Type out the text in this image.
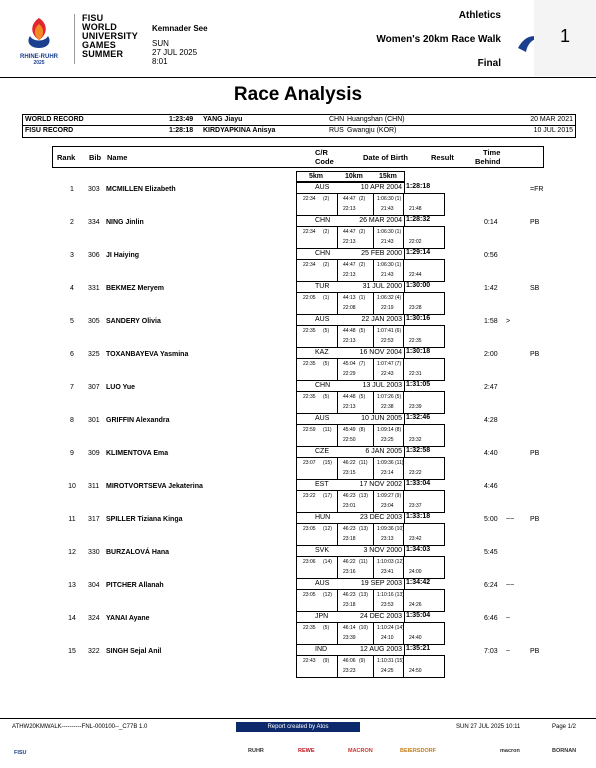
RHINE-RUHR
2025
FISU
WORLD
UNIVERSITY
GAMES
SUMMER
Kemnader See
SUN
27 JUL 2025
8:01
Athletics
Women's 20km Race Walk
Final
1
Race Analysis
WORLD RECORD	1:23:49 YANG Jiayu	CHN Huangshan (CHN)	20 MAR 2021
FISU RECORD	1:28:18 KIRDYAPKINA Anisya	RUS Gwangju (KOR)	10 JUL 2015
Rank Bib Name
C/R
Code	Date of Birth	Result
Time
Behind
5km	10km 15km
1	303 MCMILLEN Elizabeth	=FR
AUS	10 APR 2004 1:28:18
22:34 (2)	44:47 (2) 1:06:30 (1)
22:13	21:43	21:48
2	334 NING Jinlin	0:14	PB
CHN	26 MAR 2004 1:28:32
22:34 (2)	44:47 (2) 1:06:30 (1)
22:13	21:43	22:02
3	306 JI Haiying	0:56
CHN	25 FEB 2000 1:29:14
22:34 (2)	44:47 (2) 1:06:30 (1)
22:13	21:43	22:44
4	331 BEKMEZ Meryem	1:42	SB
TUR	31 JUL 2000 1:30:00
22:05 (1)	44:13 (1) 1:06:32 (4)
22:08	22:19	23:28
5	305 SANDERY Olivia	1:58 >
AUS	22 JAN 2003 1:30:16
22:35 (5)	44:48 (5) 1:07:41 (6)
22:13	22:53	22:35
6	325 TOXANBAYEVA Yasmina	2:00	PB
KAZ	16 NOV 2004 1:30:18
22:35 (5)	45:04 (7) 1:07:47 (7)
22:29	22:43	22:31
7	307 LUO Yue	2:47
CHN	13 JUL 2003 1:31:05
22:35 (5)	44:48 (5) 1:07:26 (5)
22:13	22:38	23:39
8	301 GRIFFIN Alexandra	4:28
AUS	10 JUN 2005 1:32:46
22:59 (11) 45:49 (8) 1:09:14 (8)
22:50	23:25	23:32
9	309 KLIMENTOVA Ema	4:40	PB
CZE	6 JAN 2005 1:32:58
23:07 (15) 46:22 (11) 1:09:36 (11)
23:15	23:14	23:22
10	311 MIROTVORTSEVA Jekaterina	4:46
EST	17 NOV 2002 1:33:04
23:22 (17) 46:23 (13) 1:09:27 (9)
23:01	23:04	23:37
11	317 SPILLER Tiziana Kinga	5:00 ~~ PB
HUN	23 DEC 2003 1:33:18
23:05 (12) 46:23 (13) 1:09:36 (10)
23:18	23:13	23:42
12	330 BURZALOVÁ Hana	5:45
SVK	3 NOV 2000 1:34:03
23:06 (14) 46:22 (11) 1:10:03 (12)
23:16	23:41	24:00
13	304 PITCHER Allanah	6:24 ~~
AUS	19 SEP 2003 1:34:42
23:05 (12) 46:23 (13) 1:10:16 (13)
23:18	23:53	24:26
14	324 YANAI Ayane	6:46 ~
JPN	24 DEC 2003 1:35:04
22:35 (5)	46:14 (10) 1:10:24 (14)
23:39	24:10	24:40
15	322 SINGH Sejal Anil	7:03 ~	PB
IND	12 AUG 2003 1:35:21
22:43 (9)	46:06 (9) 1:10:31 (15)
23:23	24:25	24:50
ATHW20KMWALK----------FNL-000100--_C77B 1.0	SUN 27 JUL 2025 10:11	Page 1/2
Report created by Atos
FISU	RUHR	REWE	MACRON	BEIERSDORF	macron	BORNAN
